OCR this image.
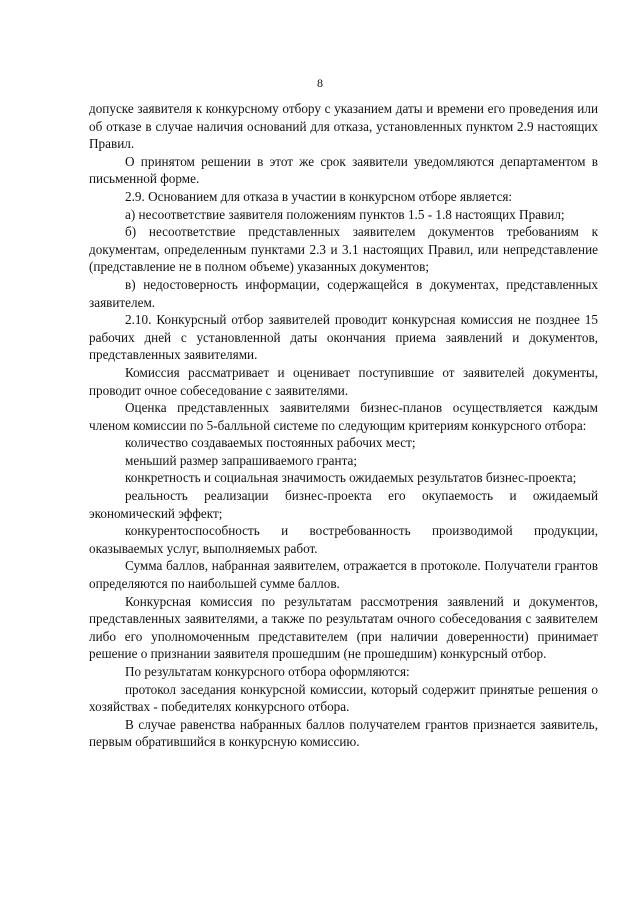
8

допуске заявителя к конкурсному отбору с указанием даты и времени его проведения или об отказе в случае наличия оснований для отказа, установленных пунктом 2.9 настоящих Правил.

О принятом решении в этот же срок заявители уведомляются департаментом в письменной форме.

2.9. Основанием для отказа в участии в конкурсном отборе является:

а) несоответствие заявителя положениям пунктов 1.5 - 1.8 настоящих Правил;

б) несоответствие представленных заявителем документов требованиям к документам, определенным пунктами 2.3 и 3.1 настоящих Правил, или непредставление (представление не в полном объеме) указанных документов;

в) недостоверность информации, содержащейся в документах, представленных заявителем.

2.10. Конкурсный отбор заявителей проводит конкурсная комиссия не позднее 15 рабочих дней с установленной даты окончания приема заявлений и документов, представленных заявителями.

Комиссия рассматривает и оценивает поступившие от заявителей документы, проводит очное собеседование с заявителями.

Оценка представленных заявителями бизнес-планов осуществляется каждым членом комиссии по 5-балльной системе по следующим критериям конкурсного отбора:

количество создаваемых постоянных рабочих мест;

меньший размер запрашиваемого гранта;

конкретность и социальная значимость ожидаемых результатов бизнес-проекта;

реальность реализации бизнес-проекта его окупаемость и ожидаемый экономический эффект;

конкурентоспособность и востребованность производимой продукции, оказываемых услуг, выполняемых работ.

Сумма баллов, набранная заявителем, отражается в протоколе. Получатели грантов определяются по наибольшей сумме баллов.

Конкурсная комиссия по результатам рассмотрения заявлений и документов, представленных заявителями, а также по результатам очного собеседования с заявителем либо его уполномоченным представителем (при наличии доверенности) принимает решение о признании заявителя прошедшим (не прошедшим) конкурсный отбор.

По результатам конкурсного отбора оформляются:

протокол заседания конкурсной комиссии, который содержит принятые решения о хозяйствах - победителях конкурсного отбора.

В случае равенства набранных баллов получателем грантов признается заявитель, первым обратившийся в конкурсную комиссию.
